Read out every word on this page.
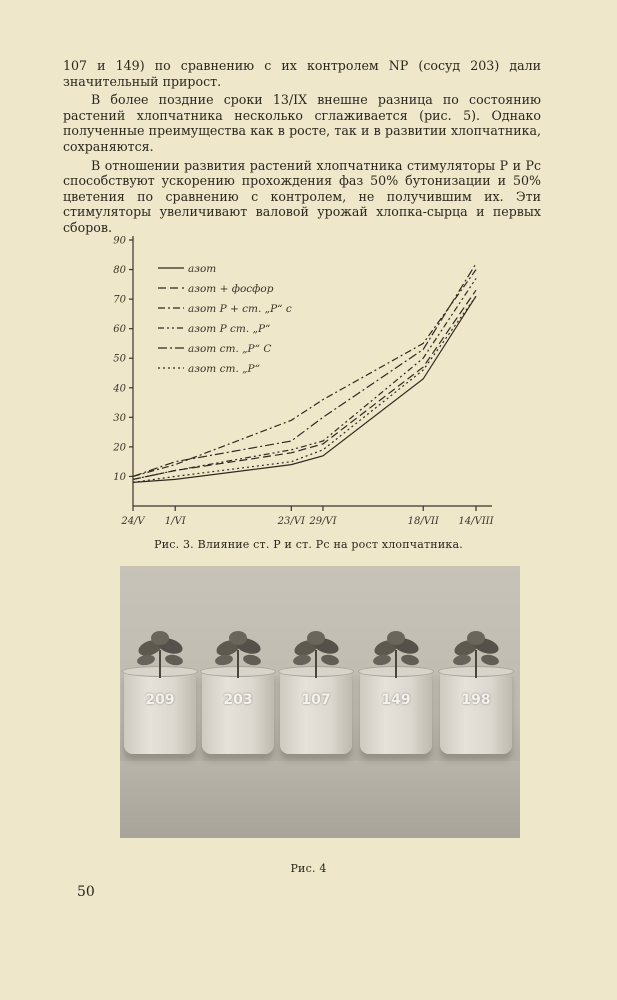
107 и 149) по сравнению с их контролем NP (сосуд 203) дали значительный прирост.

В более поздние сроки 13/IX внешне разница по состоянию растений хлопчатника несколько сглаживается (рис. 5). Однако полученные преимущества как в росте, так и в развитии хлопчатника, сохраняются.

В отношении развития растений хлопчатника стимуляторы P и Pc способствуют ускорению прохождения фаз 50% бутонизации и 50% цветения по сравнению с контролем, не получившим их. Эти стимуляторы увеличивают валовой урожай хлопка-сырца и первых сборов.

10
20
30
40
50
60
70
80
90
24/V 1/VI	23/VI 29/VI	18/VII 14/VIII
азот
азот + фосфор
азот P + ст. „P“ c
азот P ст. „P“
азот ст. „P“ C
азот ст. „P“
Рис. 3. Влияние ст. P и ст. Pc на рост хлопчатника.
209	203	107	149	198
Рис. 4
50
